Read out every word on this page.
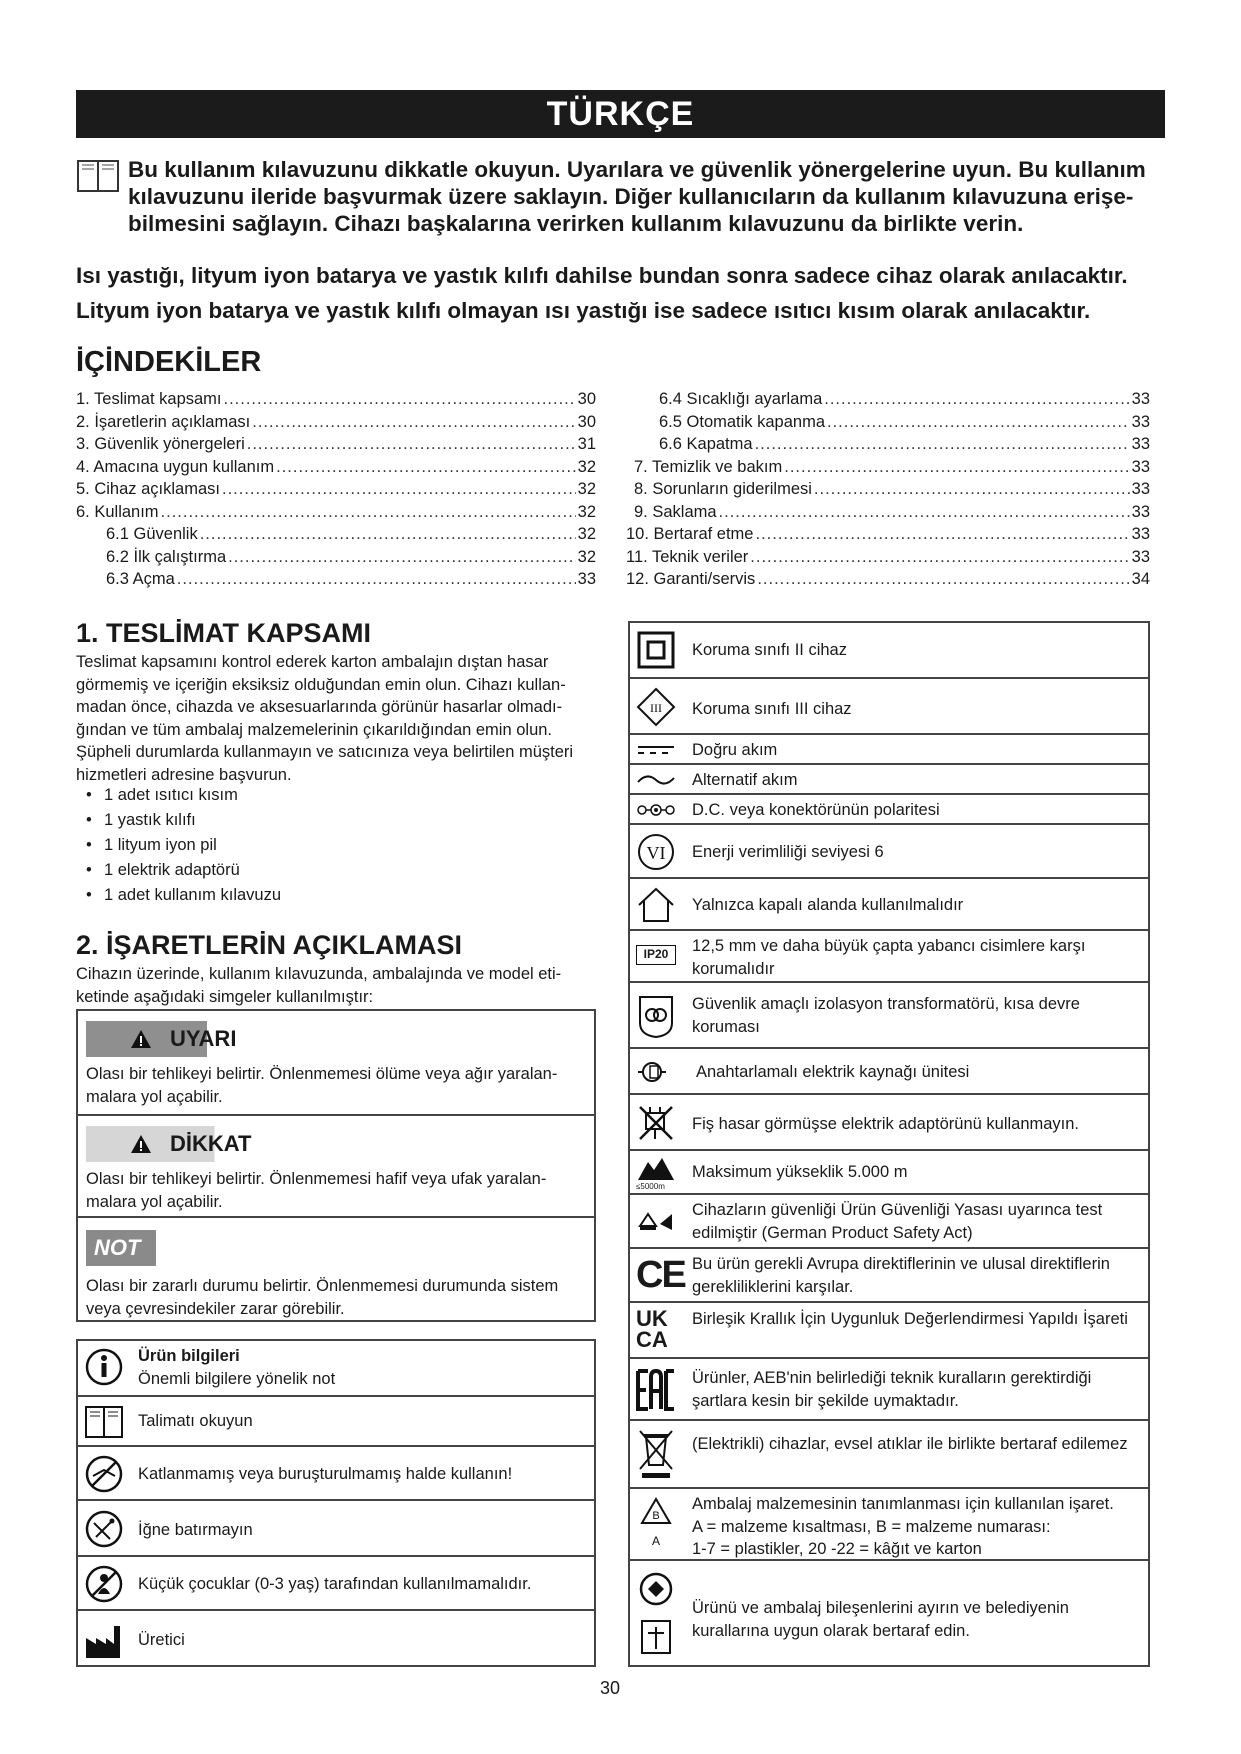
TÜRKÇE

Bu kullanım kılavuzunu dikkatle okuyun. Uyarılara ve güvenlik yönergelerine uyun. Bu kullanım kılavuzunu ileride başvurmak üzere saklayın. Diğer kullanıcıların da kullanım kılavuzuna erişe-bilmesini sağlayın. Cihazı başkalarına verirken kullanım kılavuzunu da birlikte verin.

Isı yastığı, lityum iyon batarya ve yastık kılıfı dahilse bundan sonra sadece cihaz olarak anılacaktır.
Lityum iyon batarya ve yastık kılıfı olmayan ısı yastığı ise sadece ısıtıcı kısım olarak anılacaktır.
İÇİNDEKİLER
1. Teslimat kapsamı .....	30
2. İşaretlerin açıklaması .....	30
3. Güvenlik yönergeleri .....	31
4. Amacına uygun kullanım .....	32
5. Cihaz açıklaması .....	32
6. Kullanım .....	32
6.1 Güvenlik .....	32
6.2 İlk çalıştırma .....	32
6.3 Açma .....	33
6.4 Sıcaklığı ayarlama .....	33
6.5 Otomatik kapanma .....	33
6.6 Kapatma .....	33
7. Temizlik ve bakım .....	33
8. Sorunların giderilmesi .....	33
9. Saklama .....	33
10. Bertaraf etme .....	33
11. Teknik veriler .....	33
12. Garanti/servis .....	34
1. TESLİMAT KAPSAMI
Teslimat kapsamını kontrol ederek karton ambalajın dıştan hasar görmemiş ve içeriğin eksiksiz olduğundan emin olun. Cihazı kullan-madan önce, cihazda ve aksesuarlarında görünür hasarlar olmadı-ğından ve tüm ambalaj malzemelerinin çıkarıldığından emin olun. Şüpheli durumlarda kullanmayın ve satıcınıza veya belirtilen müşteri hizmetleri adresine başvurun.
• 1 adet ısıtıcı kısım
• 1 yastık kılıfı
• 1 lityum iyon pil
• 1 elektrik adaptörü
• 1 adet kullanım kılavuzu
2. İŞARETLERİN AÇIKLAMASI
Cihazın üzerinde, kullanım kılavuzunda, ambalajında ve model eti-ketinde aşağıdaki simgeler kullanılmıştır:
UYARI
Olası bir tehlikeyi belirtir. Önlenmemesi ölüme veya ağır yaralan-malara yol açabilir.
DİKKAT
Olası bir tehlikeyi belirtir. Önlenmemesi hafif veya ufak yaralan-malara yol açabilir.
NOT
Olası bir zararlı durumu belirtir. Önlenmemesi durumunda sistem veya çevresindekiler zarar görebilir.
Ürün bilgileri
Önemli bilgilere yönelik not
Talimatı okuyun
Katlanmamış veya buruşturulmamış halde kullanın!
İğne batırmayın
Küçük çocuklar (0-3 yaş) tarafından kullanılmamalıdır.
Üretici
Koruma sınıfı II cihaz
III Koruma sınıfı III cihaz
Doğru akım
Alternatif akım
D.C. veya konektörünün polaritesi
VI Enerji verimliliği seviyesi 6
Yalnızca kapalı alanda kullanılmalıdır
IP20	12,5 mm ve daha büyük çapta yabancı cisimlere karşı korumalıdır
Güvenlik amaçlı izolasyon transformatörü, kısa devre koruması
Anahtarlamalı elektrik kaynağı ünitesi
Fiş hasar görmüşse elektrik adaptörünü kullanmayın.
≤5000m
Maksimum yükseklik 5.000 m
Cihazların güvenliği Ürün Güvenliği Yasası uyarınca test edilmiştir (German Product Safety Act)
CE Bu ürün gerekli Avrupa direktiflerinin ve ulusal direktiflerin gerekliliklerini karşılar.
UK
CA
Birleşik Krallık İçin Uygunluk Değerlendirmesi Yapıldı İşareti
Ürünler, AEB'nin belirlediği teknik kuralların gerektirdiği şartlara kesin bir şekilde uymaktadır.
(Elektrikli) cihazlar, evsel atıklar ile birlikte bertaraf edilemez
B
A
Ambalaj malzemesinin tanımlanması için kullanılan işaret.
A = malzeme kısaltması, B = malzeme numarası:
1-7 = plastikler, 20 -22 = kâğıt ve karton
Ürünü ve ambalaj bileşenlerini ayırın ve belediyenin kurallarına uygun olarak bertaraf edin.
30
